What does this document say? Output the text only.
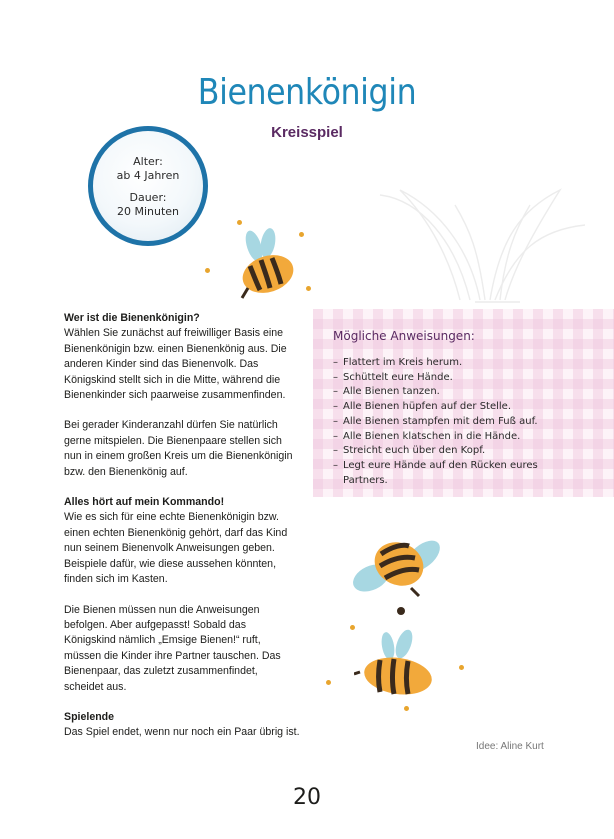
Bienenkönigin
Kreisspiel
Alter:
ab 4 Jahren
Dauer:
20 Minuten

Wer ist die Bienenkönigin?
Wählen Sie zunächst auf freiwilliger Basis eine Bienenkönigin bzw. einen Bienenkönig aus. Die anderen Kinder sind das Bienenvolk. Das Königskind stellt sich in die Mitte, während die Bienenkinder sich paarweise zusammenfinden.

Bei gerader Kinderanzahl dürfen Sie natürlich gerne mitspielen. Die Bienenpaare stellen sich nun in einem großen Kreis um die Bienenkönigin bzw. den Bienenkönig auf.

Alles hört auf mein Kommando!
Wie es sich für eine echte Bienenkönigin bzw. einen echten Bienenkönig gehört, darf das Kind nun seinem Bienenvolk Anweisungen geben. Beispiele dafür, wie diese aussehen könnten, finden sich im Kasten.

Die Bienen müssen nun die Anweisungen befolgen. Aber aufgepasst! Sobald das Königskind nämlich „Emsige Bienen!“ ruft, müssen die Kinder ihre Partner tauschen. Das Bienenpaar, das zuletzt zusammenfindet, scheidet aus.

Spielende
Das Spiel endet, wenn nur noch ein Paar übrig ist.

Mögliche Anweisungen:
– Flattert im Kreis herum.
– Schüttelt eure Hände.
– Alle Bienen tanzen.
– Alle Bienen hüpfen auf der Stelle.
– Alle Bienen stampfen mit dem Fuß auf.
– Alle Bienen klatschen in die Hände.
– Streicht euch über den Kopf.
– Legt eure Hände auf den Rücken eures Partners.
Idee: Aline Kurt
20
